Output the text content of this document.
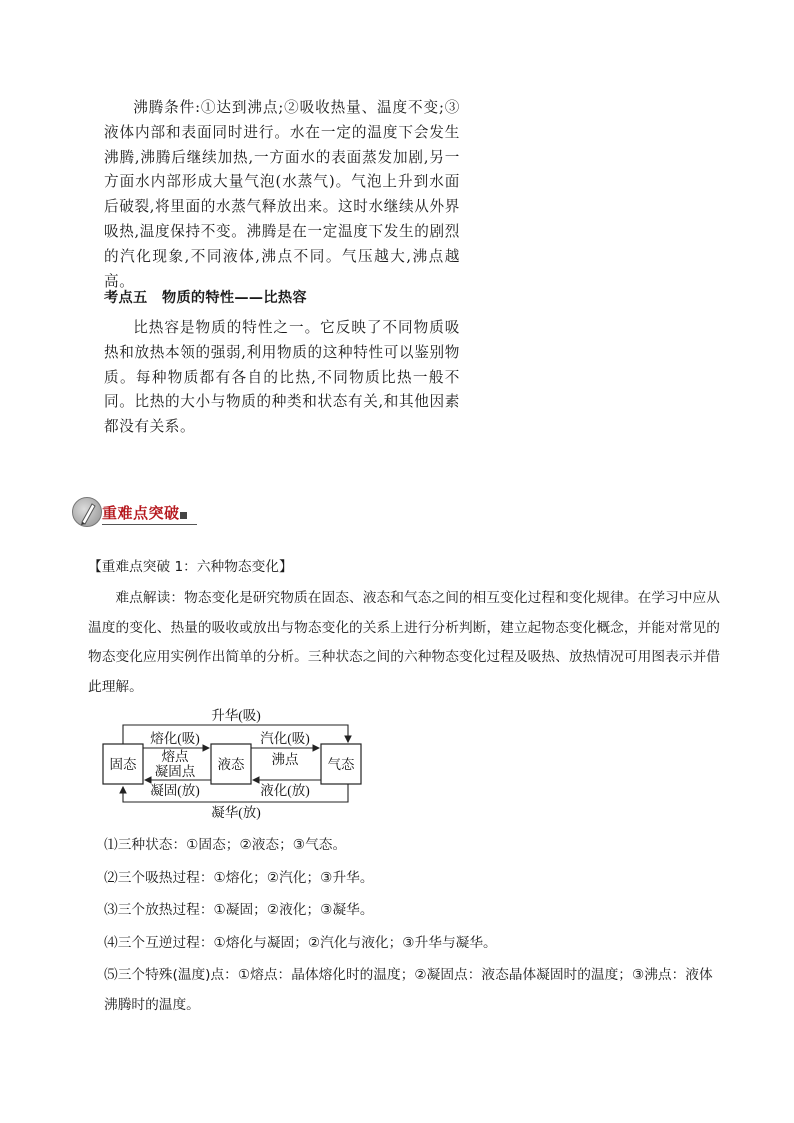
沸腾条件:①达到沸点;②吸收热量、温度不变;③液体内部和表面同时进行。水在一定的温度下会发生沸腾,沸腾后继续加热,一方面水的表面蒸发加剧,另一方面水内部形成大量气泡(水蒸气)。气泡上升到水面后破裂,将里面的水蒸气释放出来。这时水继续从外界吸热,温度保持不变。沸腾是在一定温度下发生的剧烈的汽化现象,不同液体,沸点不同。气压越大,沸点越高。

考点五　物质的特性——比热容

比热容是物质的特性之一。它反映了不同物质吸热和放热本领的强弱,利用物质的这种特性可以鉴别物质。每种物质都有各自的比热,不同物质比热一般不同。比热的大小与物质的种类和状态有关,和其他因素都没有关系。

重难点突破
【重难点突破 1：六种物态变化】
难点解读：物态变化是研究物质在固态、液态和气态之间的相互变化过程和变化规律。在学习中应从温度的变化、热量的吸收或放出与物态变化的关系上进行分析判断，建立起物态变化概念，并能对常见的物态变化应用实例作出简单的分析。三种状态之间的六种物态变化过程及吸热、放热情况可用图表示并借此理解。
升华(吸)
熔化(吸)
熔点
凝固点
凝固(放)
汽化(吸)
沸点
液化(放)
凝华(放)
固态	液态	气态
⑴三种状态：①固态；②液态；③气态。
⑵三个吸热过程：①熔化；②汽化；③升华。
⑶三个放热过程：①凝固；②液化；③凝华。
⑷三个互逆过程：①熔化与凝固；②汽化与液化；③升华与凝华。
⑸三个特殊(温度)点：①熔点：晶体熔化时的温度；②凝固点：液态晶体凝固时的温度；③沸点：液体沸腾时的温度。
